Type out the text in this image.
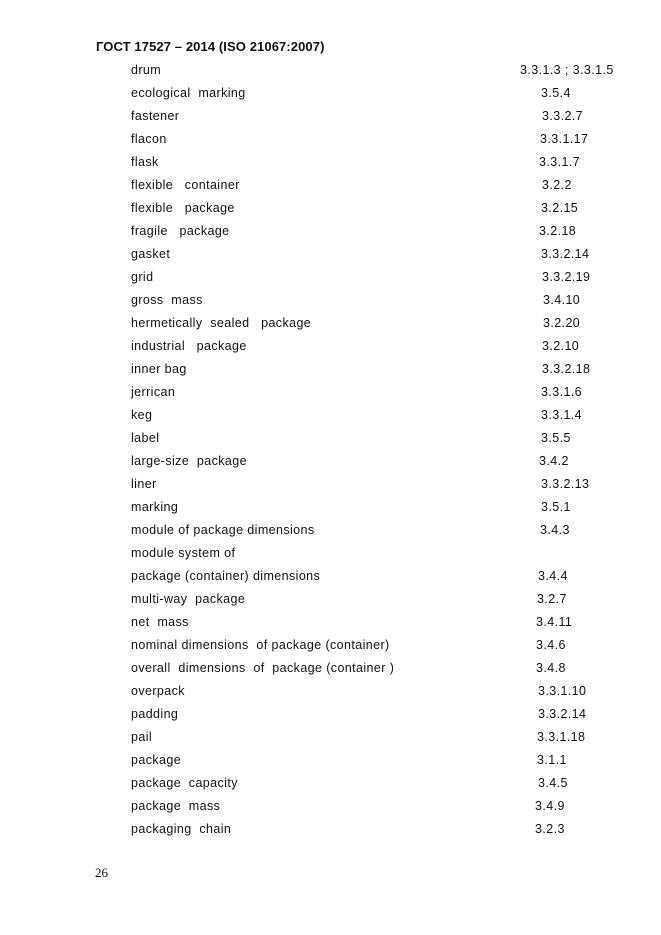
ГОСТ 17527 – 2014 (ISO 21067:2007)
drum	3.3.1.3 ; 3.3.1.5
ecological  marking	3.5.4
fastener	3.3.2.7
flacon	3.3.1.17
flask	3.3.1.7
flexible   container	3.2.2
flexible   package	3.2.15
fragile   package	3.2.18
gasket	3.3.2.14
grid	3.3.2.19
gross  mass	3.4.10
hermetically  sealed   package	3.2.20
industrial   package	3.2.10
inner bag	3.3.2.18
jerrican	3.3.1.6
keg	3.3.1.4
label	3.5.5
large-size  package	3.4.2
liner	3.3.2.13
marking	3.5.1
module of package dimensions	3.4.3
module system of
package (container) dimensions	3.4.4
multi-way  package	3.2.7
net  mass	3.4.11
nominal dimensions  of package (container)	3.4.6
overall  dimensions  of  package (container )	3.4.8
overpack	3.3.1.10
padding	3.3.2.14
pail	3.3.1.18
package	3.1.1
package  capacity	3.4.5
package  mass	3.4.9
packaging  chain	3.2.3
26
